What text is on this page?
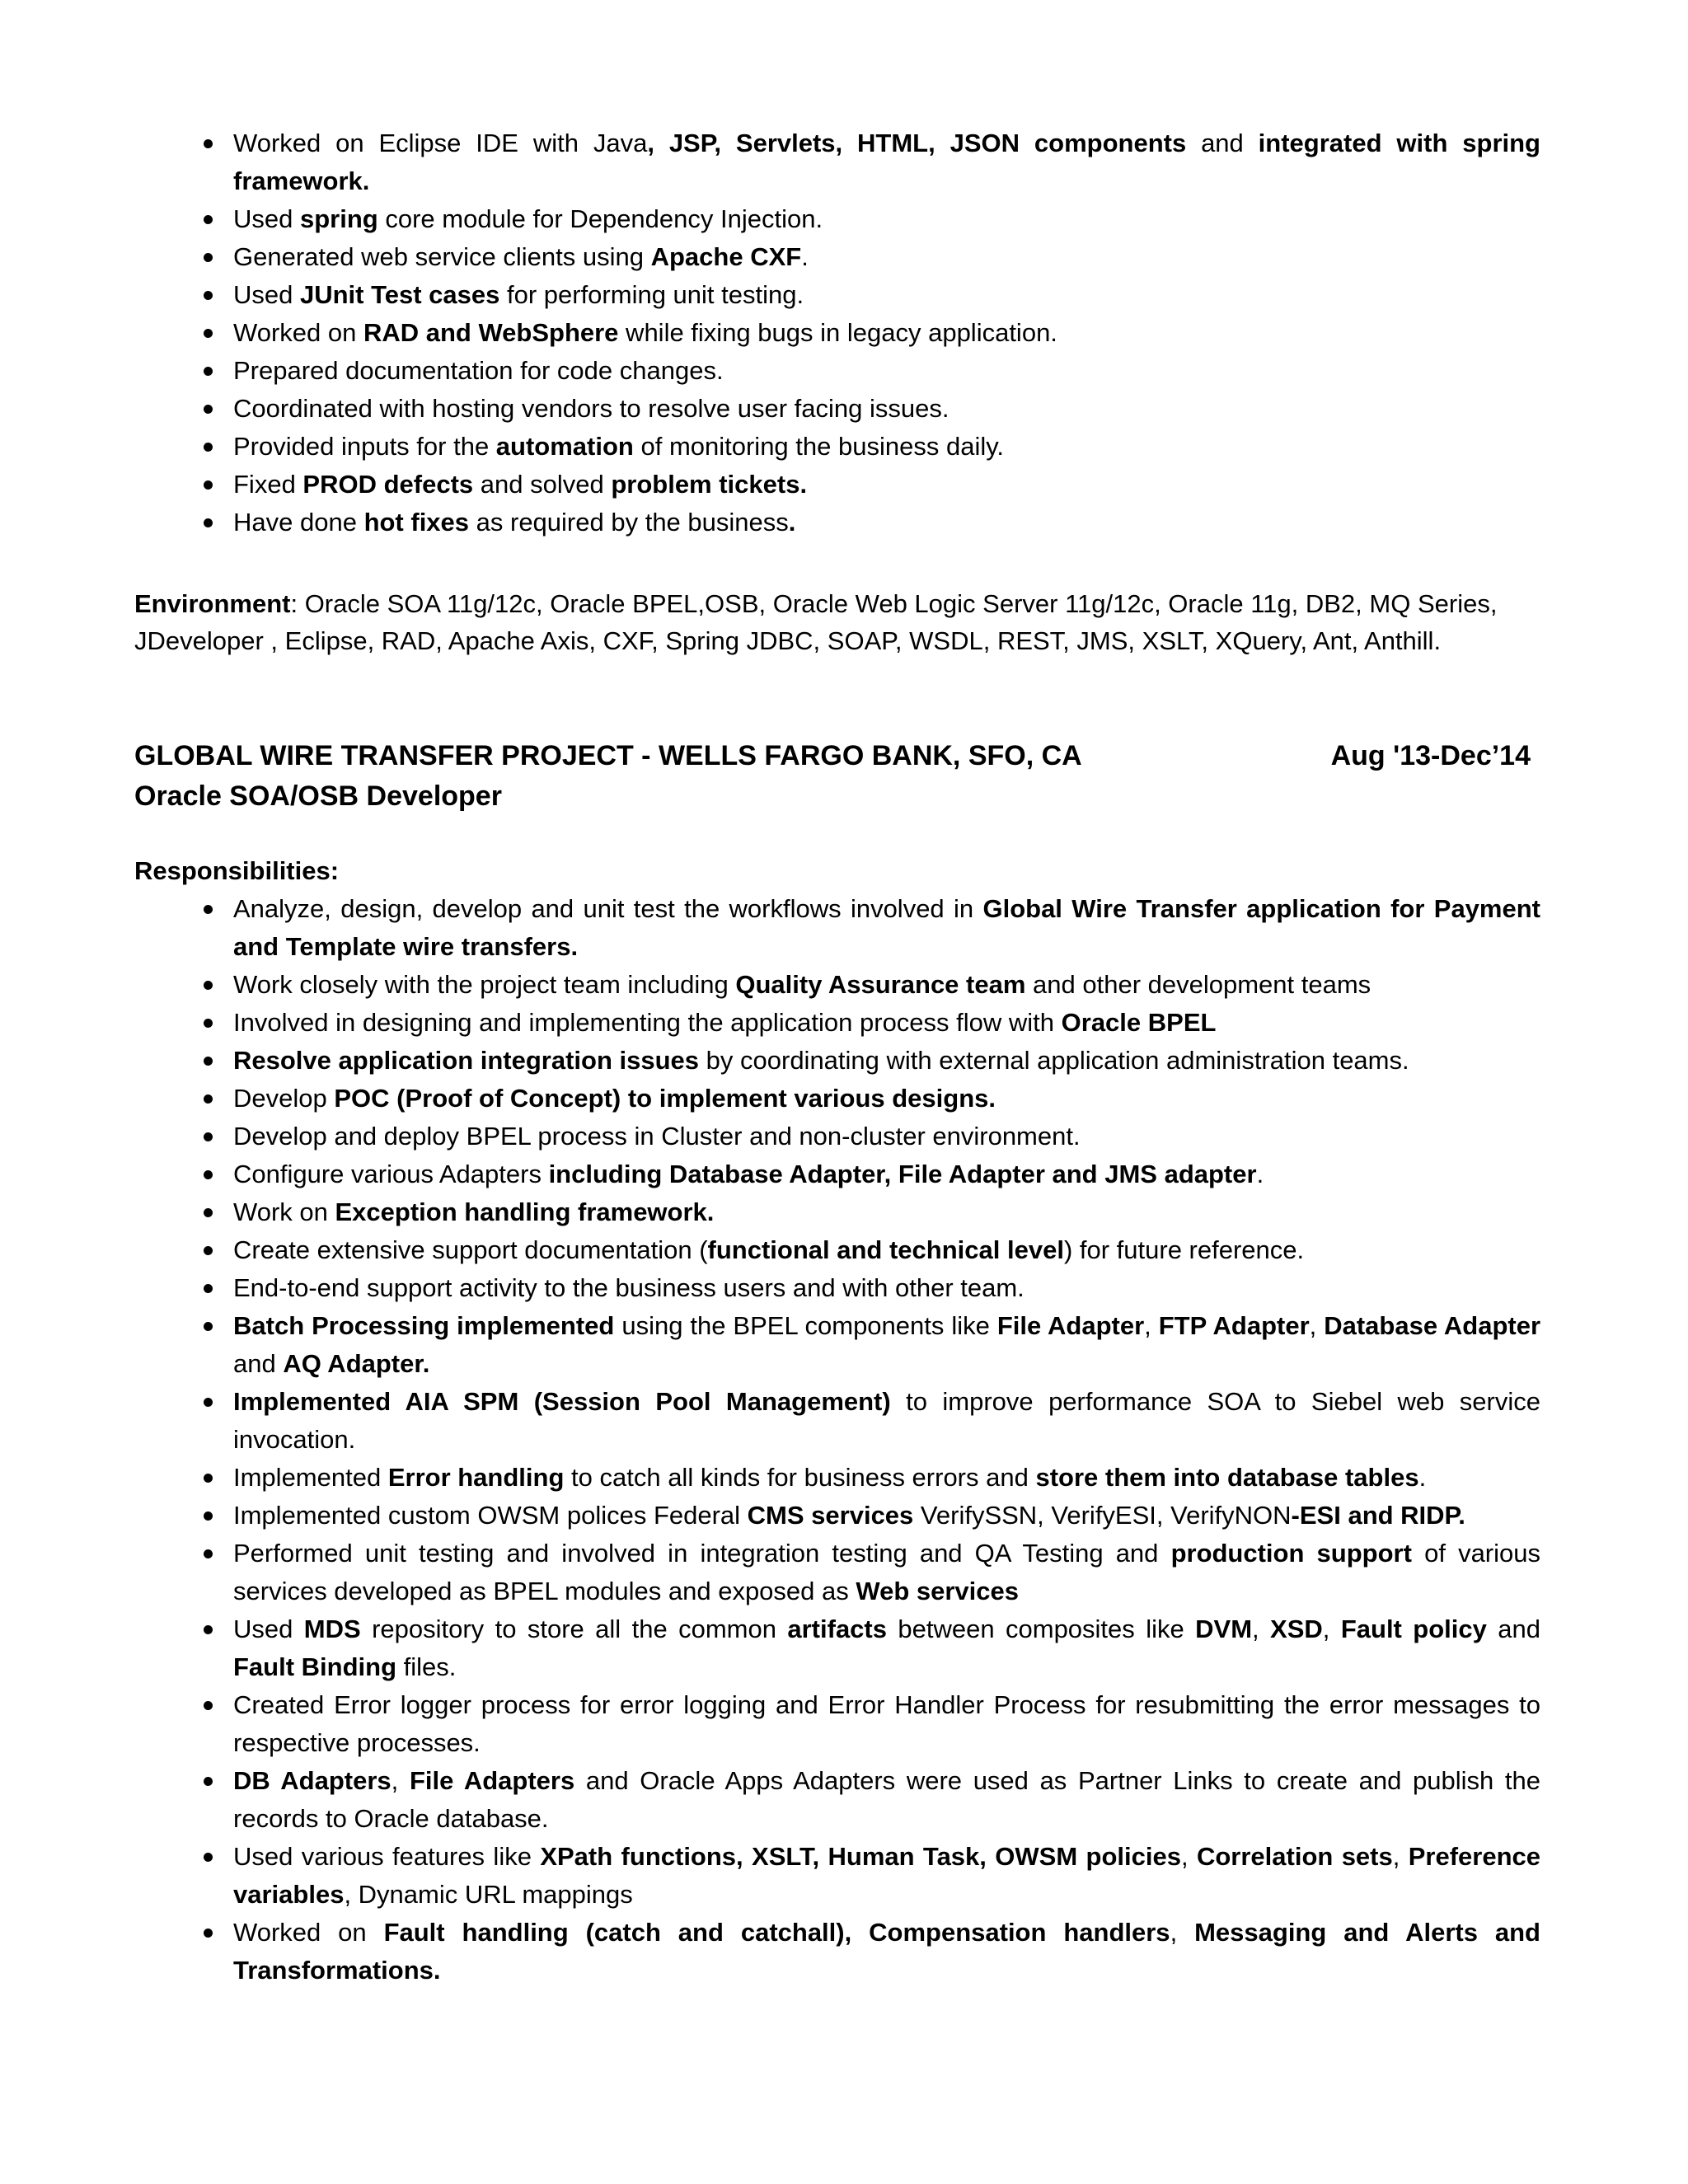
Worked on Eclipse IDE with Java, JSP, Servlets, HTML, JSON components and integrated with spring framework.
Used spring core module for Dependency Injection.
Generated web service clients using Apache CXF.
Used JUnit Test cases for performing unit testing.
Worked on RAD and WebSphere while fixing bugs in legacy application.
Prepared documentation for code changes.
Coordinated with hosting vendors to resolve user facing issues.
Provided inputs for the automation of monitoring the business daily.
Fixed PROD defects and solved problem tickets.
Have done hot fixes as required by the business.
Environment: Oracle SOA 11g/12c, Oracle BPEL,OSB, Oracle Web Logic Server 11g/12c, Oracle 11g, DB2, MQ Series, JDeveloper , Eclipse, RAD, Apache Axis, CXF, Spring JDBC, SOAP, WSDL, REST, JMS, XSLT, XQuery, Ant, Anthill.
GLOBAL WIRE TRANSFER PROJECT - WELLS FARGO BANK, SFO, CA	Aug '13-Dec’14
Oracle SOA/OSB Developer
Responsibilities:
Analyze, design, develop and unit test the workflows involved in Global Wire Transfer application for Payment and Template wire transfers.
Work closely with the project team including Quality Assurance team and other development teams
Involved in designing and implementing the application process flow with Oracle BPEL
Resolve application integration issues by coordinating with external application administration teams.
Develop POC (Proof of Concept) to implement various designs.
Develop and deploy BPEL process in Cluster and non-cluster environment.
Configure various Adapters including Database Adapter, File Adapter and JMS adapter.
Work on Exception handling framework.
Create extensive support documentation (functional and technical level) for future reference.
End-to-end support activity to the business users and with other team.
Batch Processing implemented using the BPEL components like File Adapter, FTP Adapter, Database Adapter and AQ Adapter.
Implemented AIA SPM (Session Pool Management) to improve performance SOA to Siebel web service invocation.
Implemented Error handling to catch all kinds for business errors and store them into database tables.
Implemented custom OWSM polices Federal CMS services VerifySSN, VerifyESI, VerifyNON-ESI and RIDP.
Performed unit testing and involved in integration testing and QA Testing and production support of various services developed as BPEL modules and exposed as Web services
Used MDS repository to store all the common artifacts between composites like DVM, XSD, Fault policy and Fault Binding files.
Created Error logger process for error logging and Error Handler Process for resubmitting the error messages to respective processes.
DB Adapters, File Adapters and Oracle Apps Adapters were used as Partner Links to create and publish the records to Oracle database.
Used various features like XPath functions, XSLT, Human Task, OWSM policies, Correlation sets, Preference variables, Dynamic URL mappings
Worked on Fault handling (catch and catchall), Compensation handlers, Messaging and Alerts and Transformations.
